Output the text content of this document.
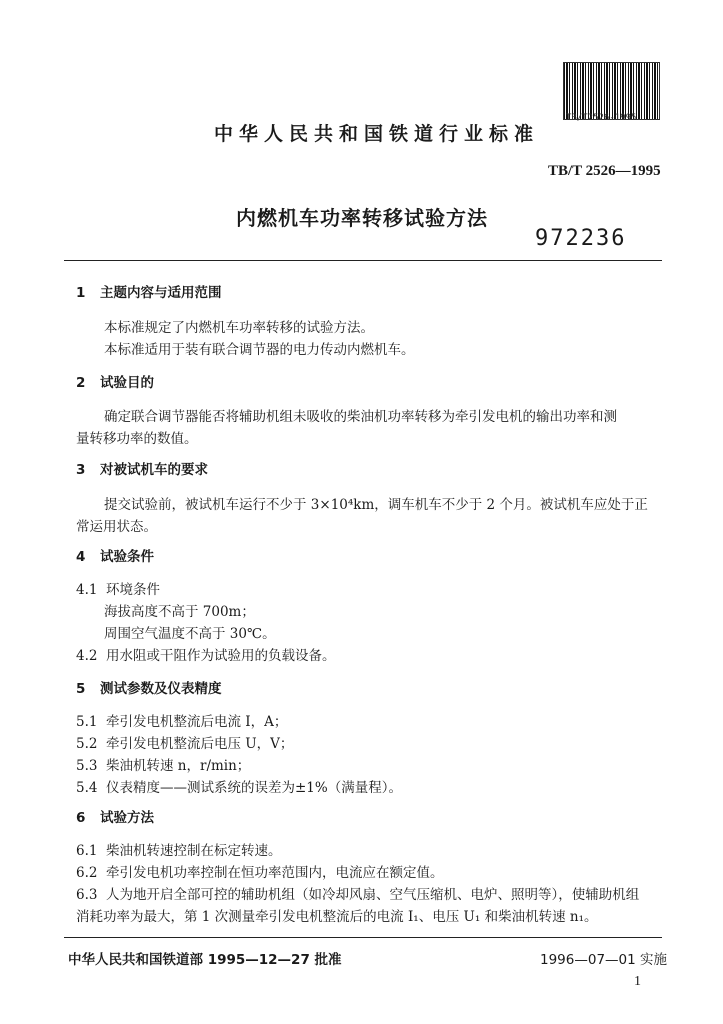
TB/T2526-1995
中华人民共和国铁道行业标准
TB/T 2526—1995
内燃机车功率转移试验方法
972236
1 主题内容与适用范围
本标准规定了内燃机车功率转移的试验方法。
本标准适用于装有联合调节器的电力传动内燃机车。
2 试验目的
确定联合调节器能否将辅助机组未吸收的柴油机功率转移为牵引发电机的输出功率和测
量转移功率的数值。
3 对被试机车的要求
提交试验前，被试机车运行不少于 3×10⁴km，调车机车不少于 2 个月。被试机车应处于正
常运用状态。
4 试验条件
4.1 环境条件
海拔高度不高于 700m；
周围空气温度不高于 30℃。
4.2 用水阻或干阻作为试验用的负载设备。
5 测试参数及仪表精度
5.1 牵引发电机整流后电流 I，A；
5.2 牵引发电机整流后电压 U，V；
5.3 柴油机转速 n，r/min；
5.4 仪表精度——测试系统的误差为±1%（满量程）。
6 试验方法
6.1 柴油机转速控制在标定转速。
6.2 牵引发电机功率控制在恒功率范围内，电流应在额定值。
6.3 人为地开启全部可控的辅助机组（如冷却风扇、空气压缩机、电炉、照明等），使辅助机组
消耗功率为最大，第 1 次测量牵引发电机整流后的电流 I₁、电压 U₁ 和柴油机转速 n₁。
中华人民共和国铁道部 1995—12—27 批准	1996—07—01 实施
1
